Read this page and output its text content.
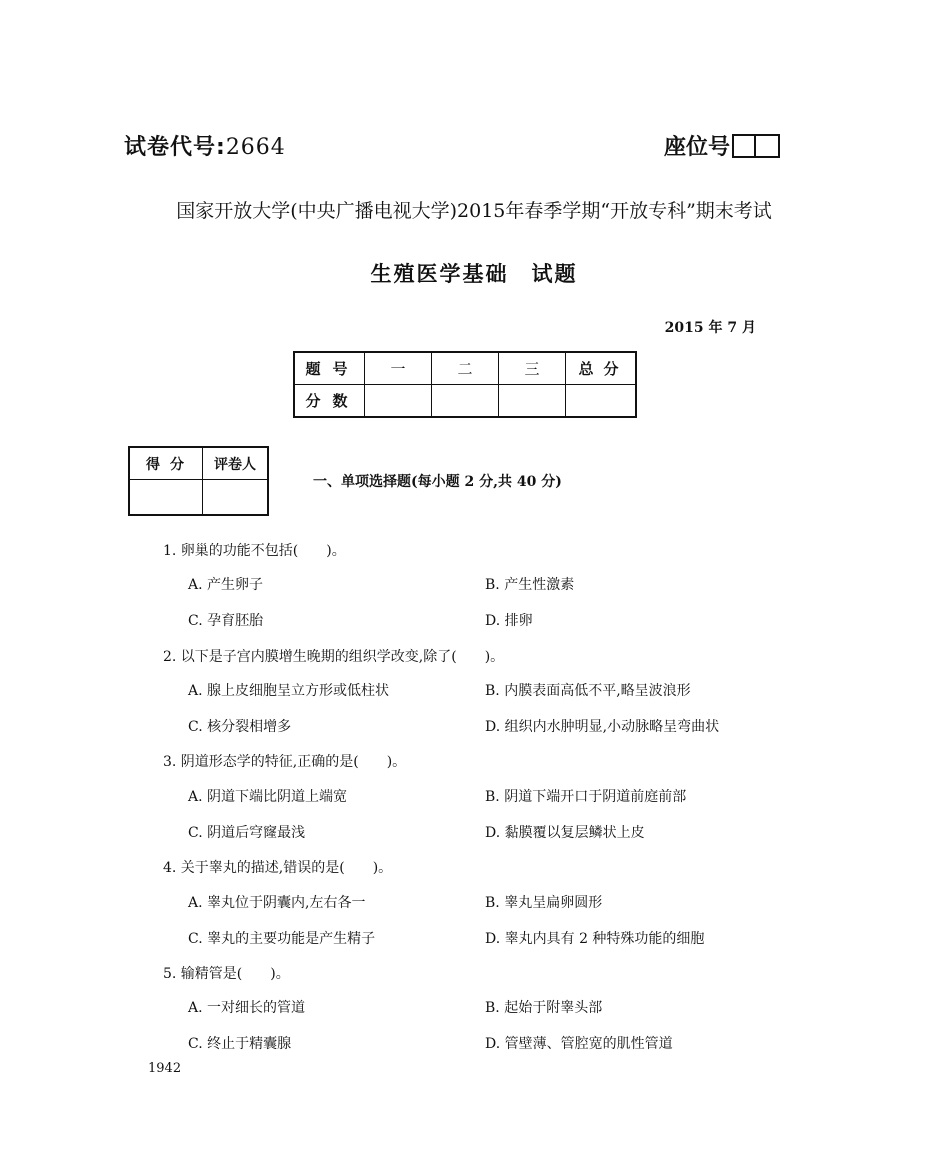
试卷代号:2664	座位号
国家开放大学(中央广播电视大学)2015年春季学期“开放专科”期末考试
生殖医学基础　试题
2015 年 7 月
题号	一	二	三	总分
分数				
得分	评卷人

一、单项选择题(每小题 2 分,共 40 分)
1. 卵巢的功能不包括(　　)。
A. 产生卵子	B. 产生性激素
C. 孕育胚胎	D. 排卵
2. 以下是子宫内膜增生晚期的组织学改变,除了(　　)。
A. 腺上皮细胞呈立方形或低柱状	B. 内膜表面高低不平,略呈波浪形
C. 核分裂相增多	D. 组织内水肿明显,小动脉略呈弯曲状
3. 阴道形态学的特征,正确的是(　　)。
A. 阴道下端比阴道上端宽	B. 阴道下端开口于阴道前庭前部
C. 阴道后穹窿最浅	D. 黏膜覆以复层鳞状上皮
4. 关于睾丸的描述,错误的是(　　)。
A. 睾丸位于阴囊内,左右各一	B. 睾丸呈扁卵圆形
C. 睾丸的主要功能是产生精子	D. 睾丸内具有 2 种特殊功能的细胞
5. 输精管是(　　)。
A. 一对细长的管道	B. 起始于附睾头部
C. 终止于精囊腺	D. 管壁薄、管腔宽的肌性管道
1942
